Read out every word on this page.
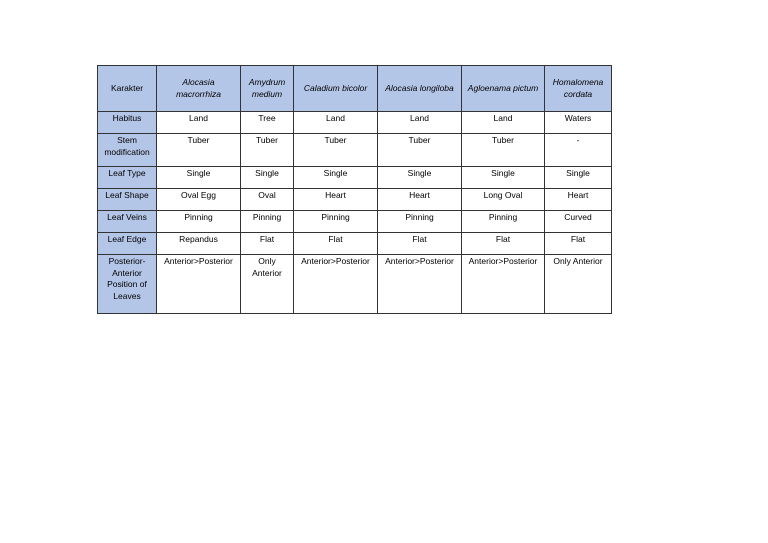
Karakter	Alocasia macrorrhiza	Amydrum medium	Caladium bicolor	Alocasia longiloba	Agloenama pictum	Homalomena cordata
Habitus	Land	Tree	Land	Land	Land	Waters
Stem modification	Tuber	Tuber	Tuber	Tuber	Tuber	-
Leaf Type	Single	Single	Single	Single	Single	Single
Leaf Shape	Oval Egg	Oval	Heart	Heart	Long Oval	Heart
Leaf Veins	Pinning	Pinning	Pinning	Pinning	Pinning	Curved
Leaf Edge	Repandus	Flat	Flat	Flat	Flat	Flat
Posterior-Anterior Position of Leaves	Anterior>Posterior	Only Anterior	Anterior>Posterior	Anterior>Posterior	Anterior>Posterior	Only Anterior
